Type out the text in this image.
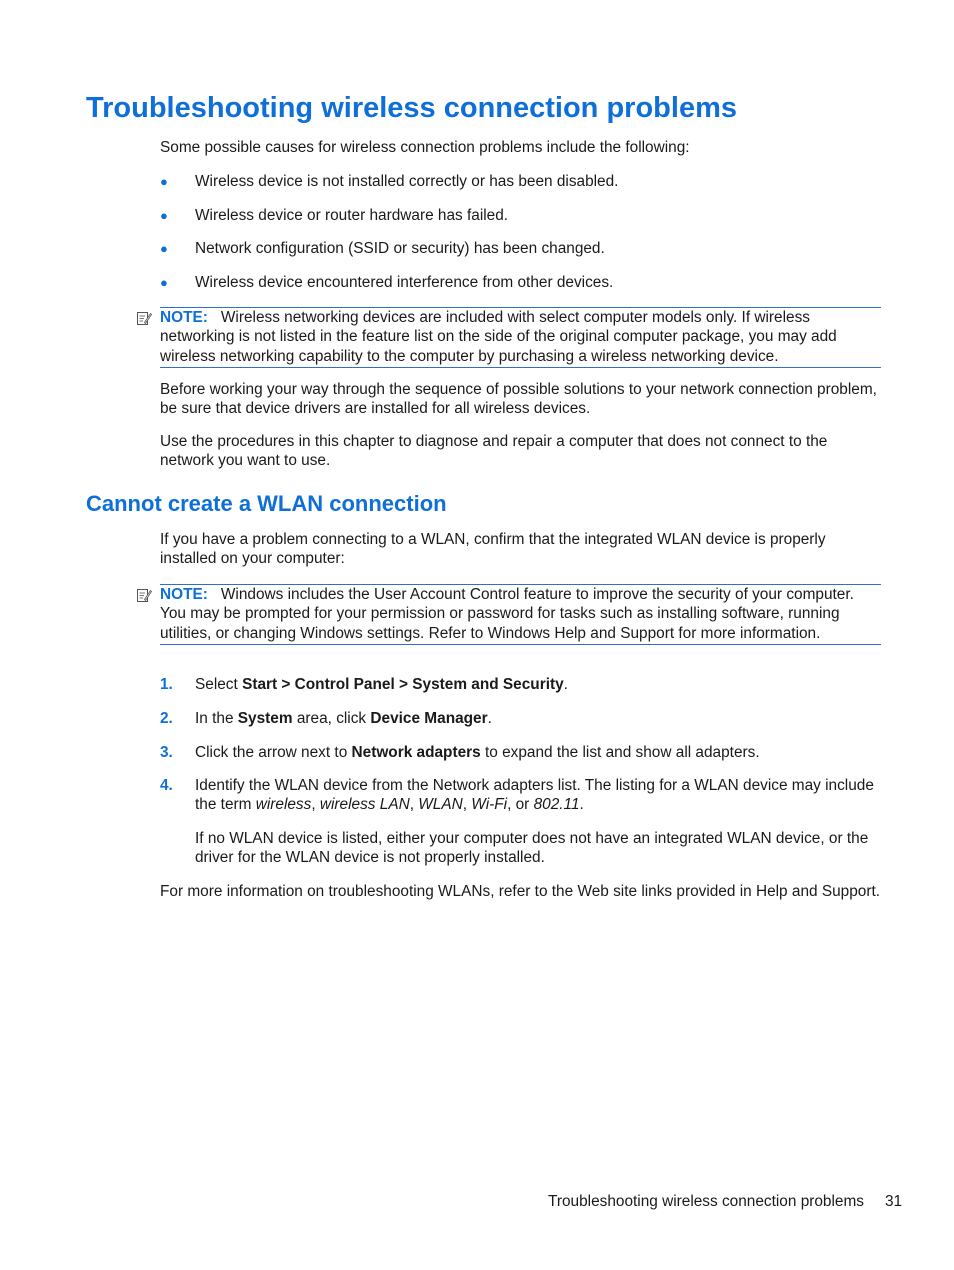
Troubleshooting wireless connection problems

Some possible causes for wireless connection problems include the following:

●	Wireless device is not installed correctly or has been disabled.
●	Wireless device or router hardware has failed.
●	Network configuration (SSID or security) has been changed.
●	Wireless device encountered interference from other devices.
NOTE: Wireless networking devices are included with select computer models only. If wireless networking is not listed in the feature list on the side of the original computer package, you may add wireless networking capability to the computer by purchasing a wireless networking device.

Before working your way through the sequence of possible solutions to your network connection problem, be sure that device drivers are installed for all wireless devices.

Use the procedures in this chapter to diagnose and repair a computer that does not connect to the network you want to use.

Cannot create a WLAN connection

If you have a problem connecting to a WLAN, confirm that the integrated WLAN device is properly installed on your computer:

NOTE: Windows includes the User Account Control feature to improve the security of your computer. You may be prompted for your permission or password for tasks such as installing software, running utilities, or changing Windows settings. Refer to Windows Help and Support for more information.
1. Select Start > Control Panel > System and Security.
2. In the System area, click Device Manager.
3. Click the arrow next to Network adapters to expand the list and show all adapters.
4. Identify the WLAN device from the Network adapters list. The listing for a WLAN device may include the term wireless, wireless LAN, WLAN, Wi-Fi, or 802.11.

If no WLAN device is listed, either your computer does not have an integrated WLAN device, or the driver for the WLAN device is not properly installed.

For more information on troubleshooting WLANs, refer to the Web site links provided in Help and Support.

Troubleshooting wireless connection problems 31
